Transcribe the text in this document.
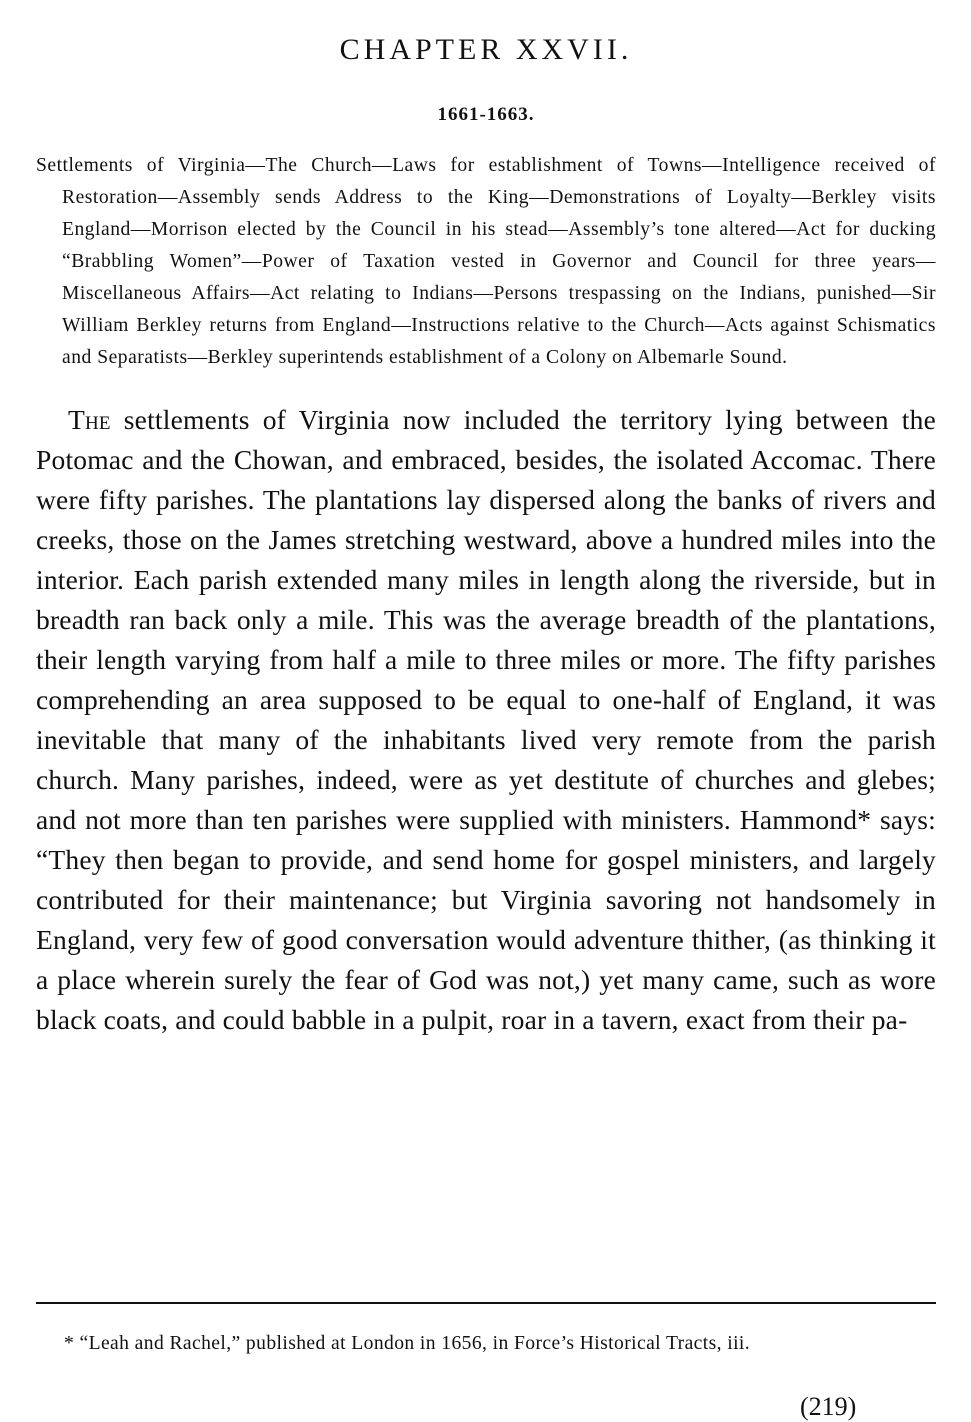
CHAPTER XXVII.
1661-1663.

Settlements of Virginia—The Church—Laws for establishment of Towns—Intelligence received of Restoration—Assembly sends Address to the King—Demonstrations of Loyalty—Berkley visits England—Morrison elected by the Council in his stead—Assembly’s tone altered—Act for ducking “Brabbling Women”—Power of Taxation vested in Governor and Council for three years—Miscellaneous Affairs—Act relating to Indians—Persons trespassing on the Indians, punished—Sir William Berkley returns from England—Instructions relative to the Church—Acts against Schismatics and Separatists—Berkley superintends establishment of a Colony on Albemarle Sound.

The settlements of Virginia now included the territory lying between the Potomac and the Chowan, and embraced, besides, the isolated Accomac. There were fifty parishes. The plantations lay dispersed along the banks of rivers and creeks, those on the James stretching westward, above a hundred miles into the interior. Each parish extended many miles in length along the riverside, but in breadth ran back only a mile. This was the average breadth of the plantations, their length varying from half a mile to three miles or more. The fifty parishes comprehending an area supposed to be equal to one-half of England, it was inevitable that many of the inhabitants lived very remote from the parish church. Many parishes, indeed, were as yet destitute of churches and glebes; and not more than ten parishes were supplied with ministers. Hammond* says: “They then began to provide, and send home for gospel ministers, and largely contributed for their maintenance; but Virginia savoring not handsomely in England, very few of good conversation would adventure thither, (as thinking it a place wherein surely the fear of God was not,) yet many came, such as wore black coats, and could babble in a pulpit, roar in a tavern, exact from their pa-

* “Leah and Rachel,” published at London in 1656, in Force’s Historical Tracts, iii.

(219)
